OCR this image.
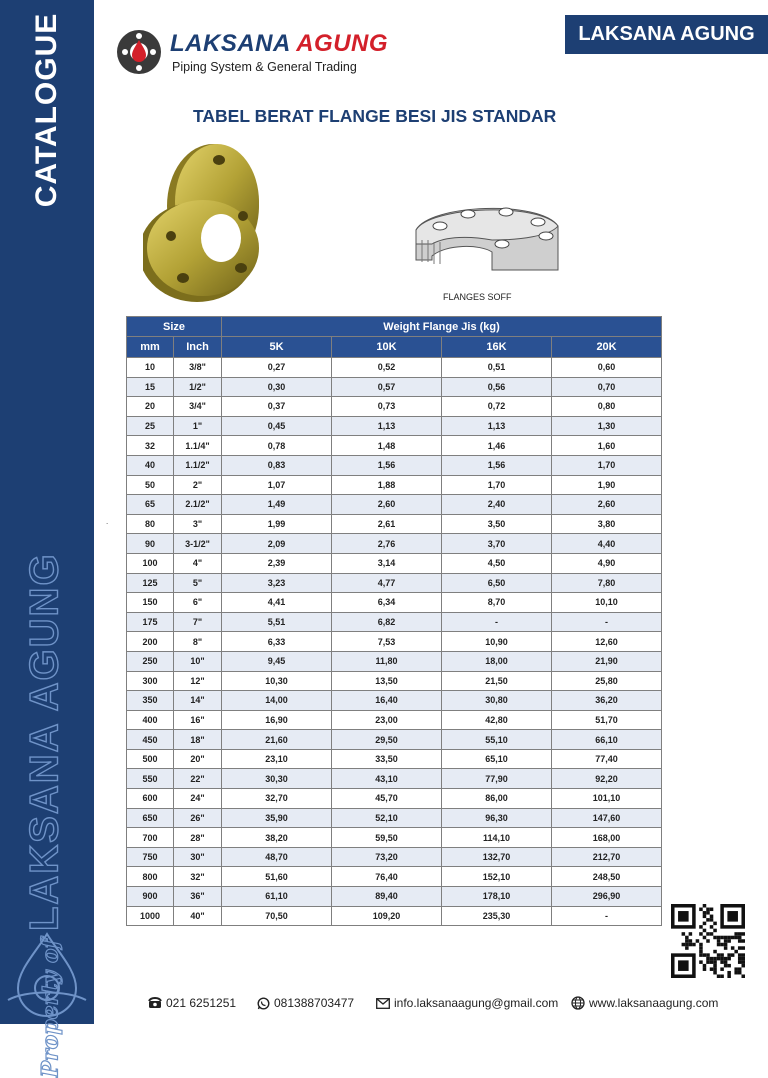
CATALOGUE
Property of
LAKSANA AGUNG
LAKSANA AGUNG
LAKSANA AGUNG
Piping System & General Trading
TABEL BERAT FLANGE BESI JIS STANDAR
FLANGES SOFF
.
Size		Weight Flange Jis (kg)			
mm	Inch	5K	10K	16K	20K
10	3/8"	0,27	0,52	0,51	0,60
15	1/2"	0,30	0,57	0,56	0,70
20	3/4"	0,37	0,73	0,72	0,80
25	1"	0,45	1,13	1,13	1,30
32	1.1/4"	0,78	1,48	1,46	1,60
40	1.1/2"	0,83	1,56	1,56	1,70
50	2"	1,07	1,88	1,70	1,90
65	2.1/2"	1,49	2,60	2,40	2,60
80	3"	1,99	2,61	3,50	3,80
90	3-1/2"	2,09	2,76	3,70	4,40
100	4"	2,39	3,14	4,50	4,90
125	5"	3,23	4,77	6,50	7,80
150	6"	4,41	6,34	8,70	10,10
175	7"	5,51	6,82	-	-
200	8"	6,33	7,53	10,90	12,60
250	10"	9,45	11,80	18,00	21,90
300	12"	10,30	13,50	21,50	25,80
350	14"	14,00	16,40	30,80	36,20
400	16"	16,90	23,00	42,80	51,70
450	18"	21,60	29,50	55,10	66,10
500	20"	23,10	33,50	65,10	77,40
550	22"	30,30	43,10	77,90	92,20
600	24"	32,70	45,70	86,00	101,10
650	26"	35,90	52,10	96,30	147,60
700	28"	38,20	59,50	114,10	168,00
750	30"	48,70	73,20	132,70	212,70
800	32"	51,60	76,40	152,10	248,50
900	36"	61,10	89,40	178,10	296,90
1000	40"	70,50	109,20	235,30	-
021 6251251	081388703477	info.laksanaagung@gmail.com	www.laksanaagung.com
